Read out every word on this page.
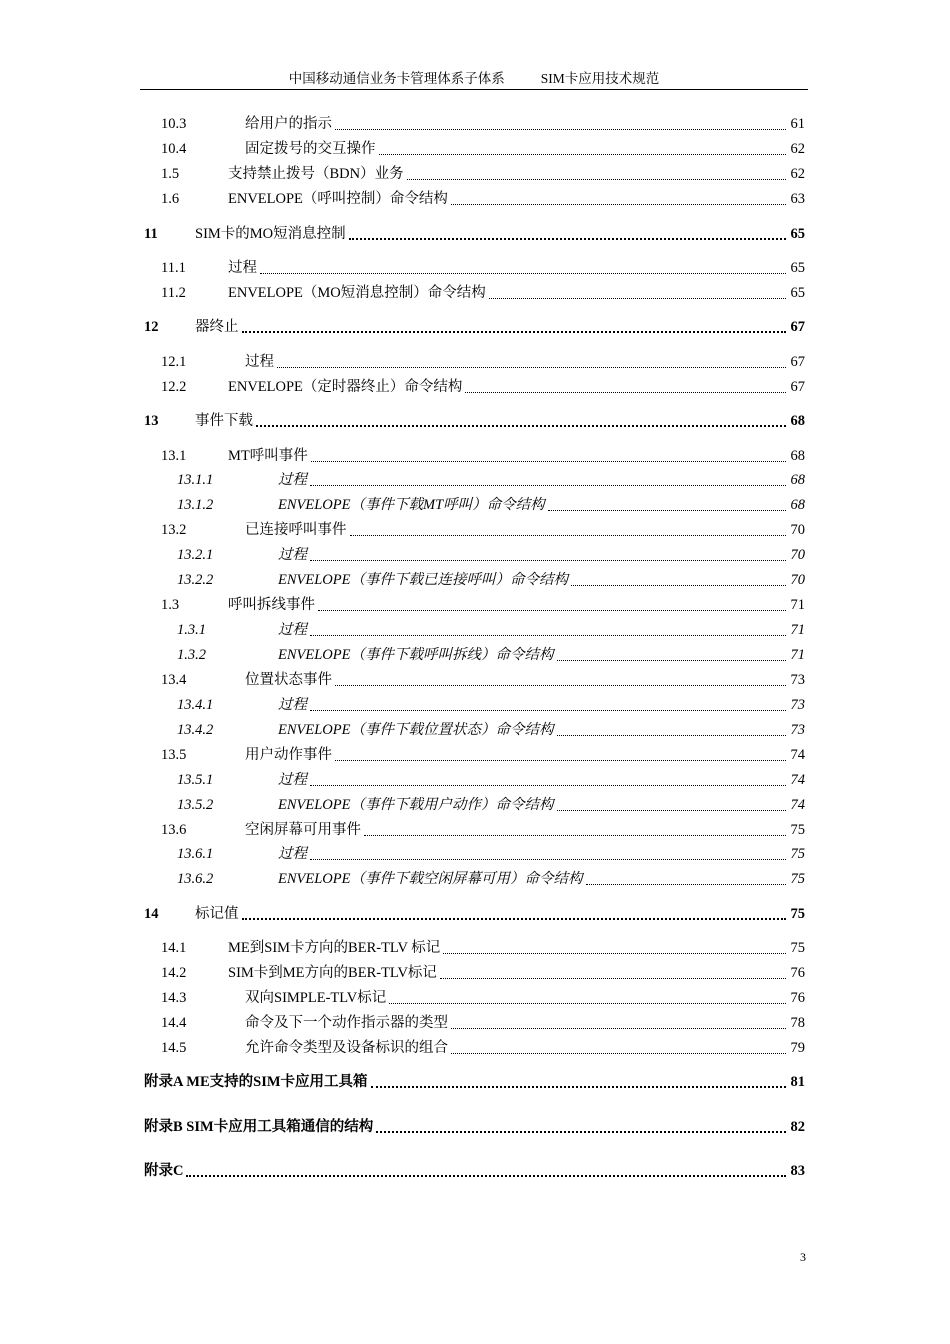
中国移动通信业务卡管理体系子体系	SIM卡应用技术规范
10.3	给用户的指示	61
10.4	固定拨号的交互操作	62
1.5	支持禁止拨号（BDN）业务	62
1.6	ENVELOPE（呼叫控制）命令结构	63
11	SIM卡的MO短消息控制	65
11.1	过程	65
11.2	ENVELOPE（MO短消息控制）命令结构	65
12	器终止	67
12.1	过程	67
12.2	ENVELOPE（定时器终止）命令结构	67
13	事件下载	68
13.1	MT呼叫事件	68
13.1.1	过程	68
13.1.2	ENVELOPE（事件下载MT呼叫）命令结构	68
13.2	已连接呼叫事件	70
13.2.1	过程	70
13.2.2	ENVELOPE（事件下载已连接呼叫）命令结构	70
1.3	呼叫拆线事件	71
1.3.1	过程	71
1.3.2	ENVELOPE（事件下载呼叫拆线）命令结构	71
13.4	位置状态事件	73
13.4.1	过程	73
13.4.2	ENVELOPE（事件下载位置状态）命令结构	73
13.5	用户动作事件	74
13.5.1	过程	74
13.5.2	ENVELOPE（事件下载用户动作）命令结构	74
13.6	空闲屏幕可用事件	75
13.6.1	过程	75
13.6.2	ENVELOPE（事件下载空闲屏幕可用）命令结构	75
14	标记值	75
14.1	ME到SIM卡方向的BER-TLV 标记	75
14.2	SIM卡到ME方向的BER-TLV标记	76
14.3	双向SIMPLE-TLV标记	76
14.4	命令及下一个动作指示器的类型	78
14.5	允许命令类型及设备标识的组合	79
附录A ME支持的SIM卡应用工具箱	81
附录B SIM卡应用工具箱通信的结构	82
附录C	83
3
